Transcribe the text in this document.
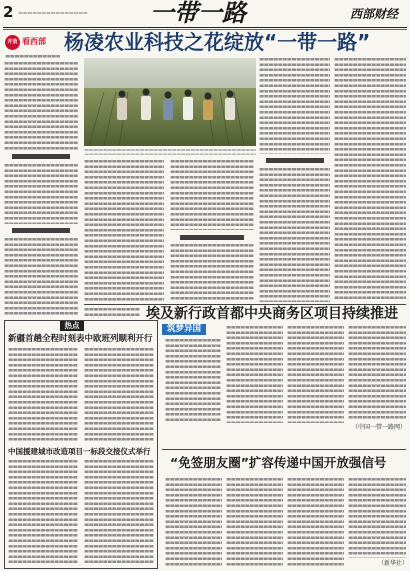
2	一带一路	西部财经
开放 看西部 杨凌农业科技之花绽放“一带一路”
埃及新行政首都中央商务区项目持续推进
筑梦异国
（中国一带一路网）
“免签朋友圈”扩容传递中国开放强信号
（新华社）
热点
新疆首趟全程时刻表中欧班列顺利开行
中国援建城市改造项目一标段交接仪式举行
